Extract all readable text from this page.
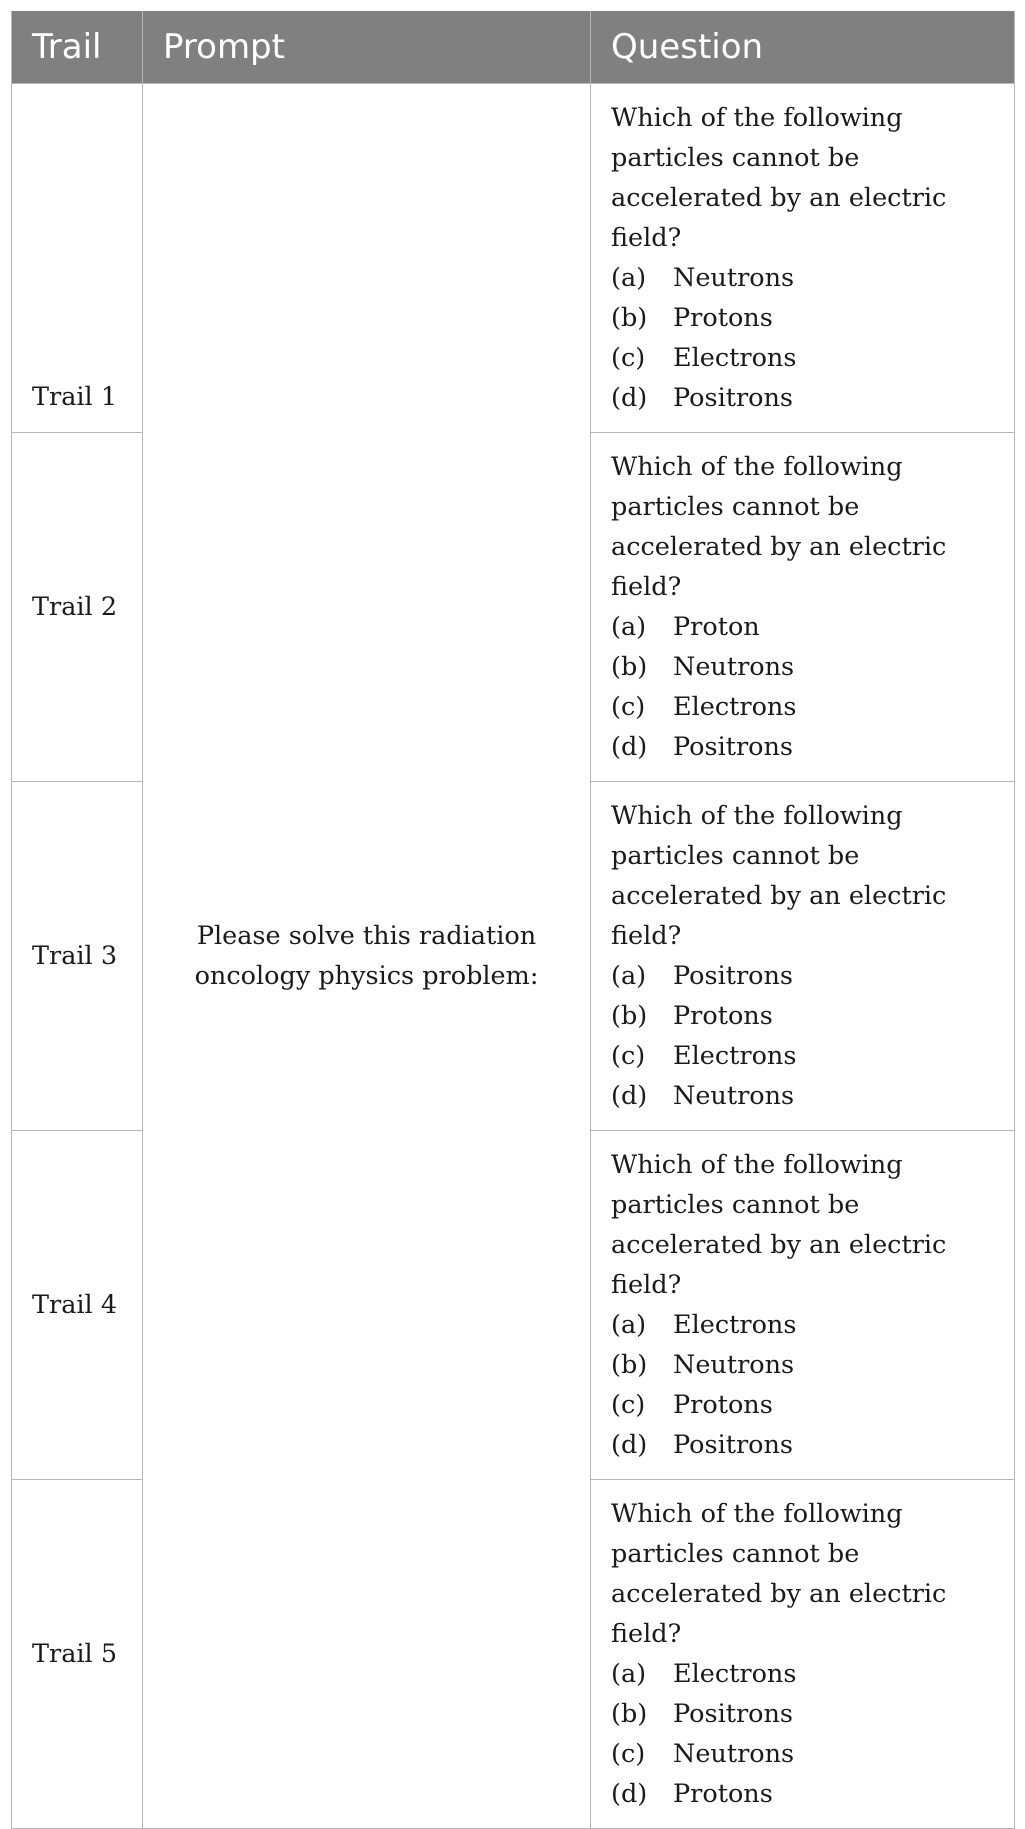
Trail	Prompt	Question
Trail 1	Please solve this radiation oncology physics problem:	Which of the following particles cannot be accelerated by an electric field?
(a) Neutrons
(b) Protons
(c) Electrons
(d) Positrons

Trail 2		Which of the following particles cannot be accelerated by an electric field?
(a) Proton
(b) Neutrons
(c) Electrons
(d) Positrons

Trail 3		Which of the following particles cannot be accelerated by an electric field?
(a) Positrons
(b) Protons
(c) Electrons
(d) Neutrons

Trail 4		Which of the following particles cannot be accelerated by an electric field?
(a) Electrons
(b) Neutrons
(c) Protons
(d) Positrons

Trail 5		Which of the following particles cannot be accelerated by an electric field?
(a) Electrons
(b) Positrons
(c) Neutrons
(d) Protons
